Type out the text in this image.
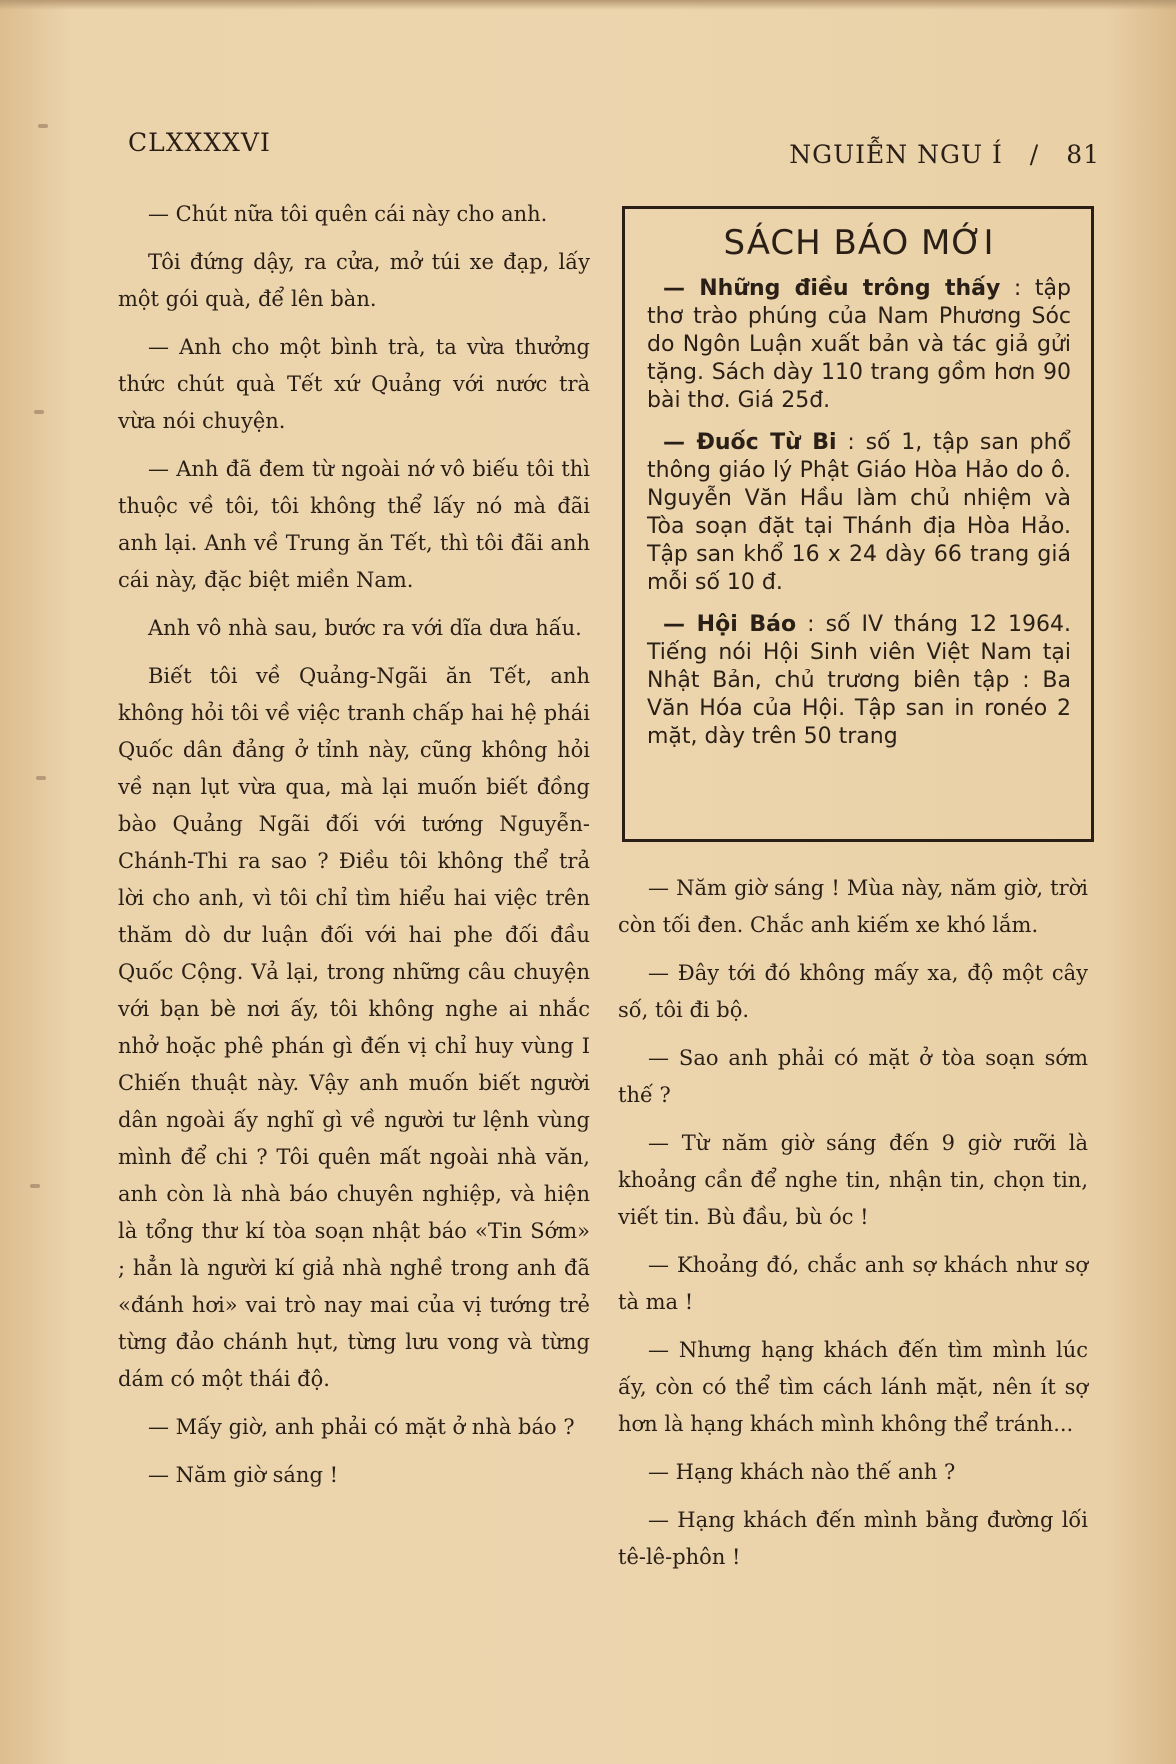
CLXXXXVI	NGUIỄN NGU Í / 81

— Chút nữa tôi quên cái này cho anh.

Tôi đứng dậy, ra cửa, mở túi xe đạp, lấy một gói quà, để lên bàn.

— Anh cho một bình trà, ta vừa thưởng thức chút quà Tết xứ Quảng với nước trà vừa nói chuyện.

— Anh đã đem từ ngoài nớ vô biếu tôi thì thuộc về tôi, tôi không thể lấy nó mà đãi anh lại. Anh về Trung ăn Tết, thì tôi đãi anh cái này, đặc biệt miền Nam.

Anh vô nhà sau, bước ra với dĩa dưa hấu.

Biết tôi về Quảng-Ngãi ăn Tết, anh không hỏi tôi về việc tranh chấp hai hệ phái Quốc dân đảng ở tỉnh này, cũng không hỏi về nạn lụt vừa qua, mà lại muốn biết đồng bào Quảng Ngãi đối với tướng Nguyễn-Chánh-Thi ra sao ? Điều tôi không thể trả lời cho anh, vì tôi chỉ tìm hiểu hai việc trên thăm dò dư luận đối với hai phe đối đầu Quốc Cộng. Vả lại, trong những câu chuyện với bạn bè nơi ấy, tôi không nghe ai nhắc nhở hoặc phê phán gì đến vị chỉ huy vùng I Chiến thuật này. Vậy anh muốn biết người dân ngoài ấy nghĩ gì về người tư lệnh vùng mình để chi ? Tôi quên mất ngoài nhà văn, anh còn là nhà báo chuyên nghiệp, và hiện là tổng thư kí tòa soạn nhật báo «Tin Sớm» ; hẳn là người kí giả nhà nghề trong anh đã «đánh hơi» vai trò nay mai của vị tướng trẻ từng đảo chánh hụt, từng lưu vong và từng dám có một thái độ.

— Mấy giờ, anh phải có mặt ở nhà báo ?

— Năm giờ sáng !

SÁCH BÁO MỚI

— Những điều trông thấy : tập thơ trào phúng của Nam Phương Sóc do Ngôn Luận xuất bản và tác giả gửi tặng. Sách dày 110 trang gồm hơn 90 bài thơ. Giá 25đ.

— Đuốc Từ Bi : số 1, tập san phổ thông giáo lý Phật Giáo Hòa Hảo do ô. Nguyễn Văn Hầu làm chủ nhiệm và Tòa soạn đặt tại Thánh địa Hòa Hảo. Tập san khổ 16 x 24 dày 66 trang giá mỗi số 10 đ.

— Hội Báo : số IV tháng 12 1964. Tiếng nói Hội Sinh viên Việt Nam tại Nhật Bản, chủ trương biên tập : Ba Văn Hóa của Hội. Tập san in ronéo 2 mặt, dày trên 50 trang

— Năm giờ sáng ! Mùa này, năm giờ, trời còn tối đen. Chắc anh kiếm xe khó lắm.

— Đây tới đó không mấy xa, độ một cây số, tôi đi bộ.

— Sao anh phải có mặt ở tòa soạn sớm thế ?

— Từ năm giờ sáng đến 9 giờ rưỡi là khoảng cần để nghe tin, nhận tin, chọn tin, viết tin. Bù đầu, bù óc !

— Khoảng đó, chắc anh sợ khách như sợ tà ma !

— Nhưng hạng khách đến tìm mình lúc ấy, còn có thể tìm cách lánh mặt, nên ít sợ hơn là hạng khách mình không thể tránh...

— Hạng khách nào thế anh ?

— Hạng khách đến mình bằng đường lối tê-lê-phôn !
